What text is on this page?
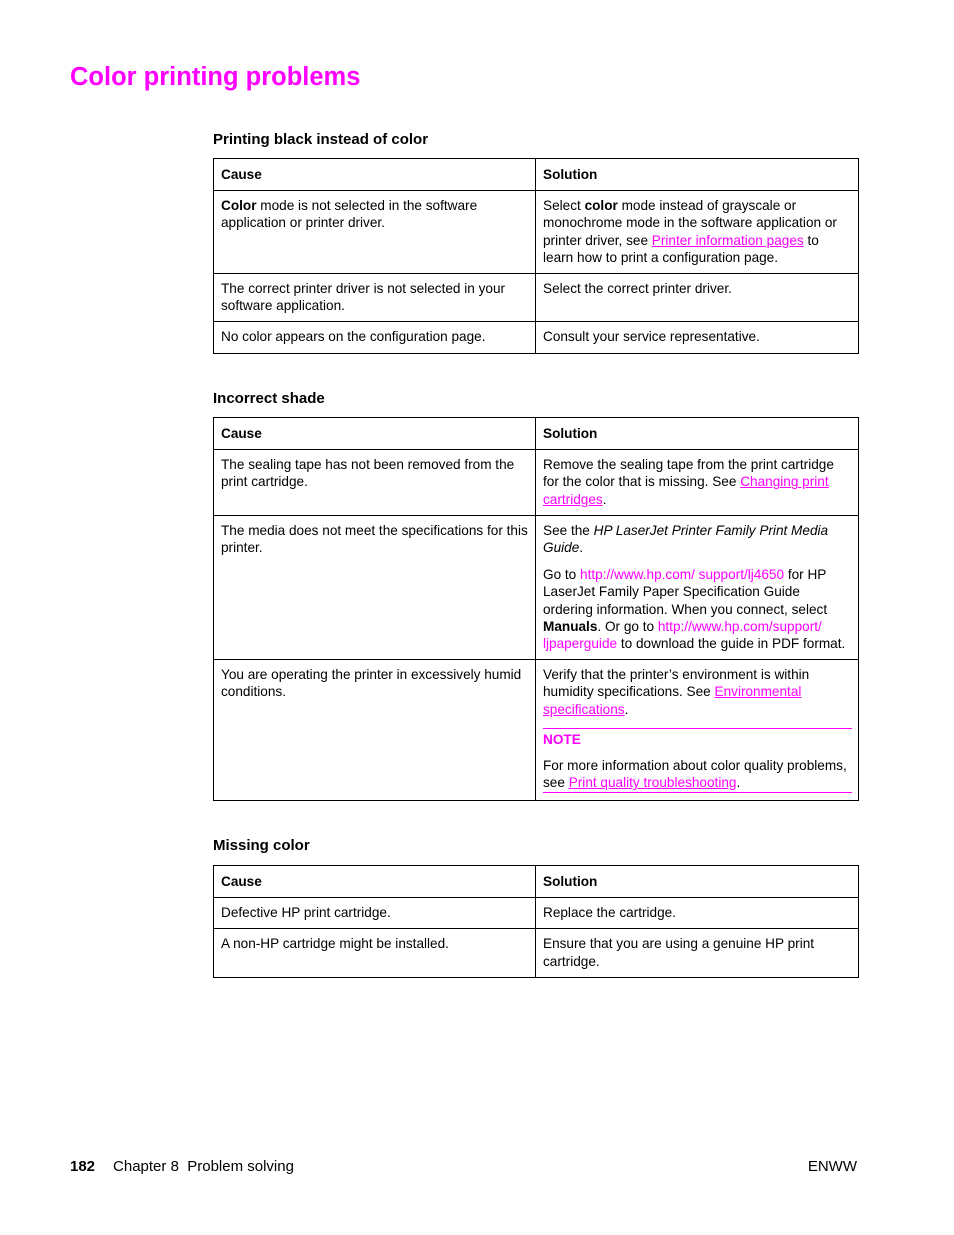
Color printing problems
Printing black instead of color
Cause	Solution
Color mode is not selected in the software application or printer driver.	Select color mode instead of grayscale or monochrome mode in the software application or printer driver, see Printer information pages to learn how to print a configuration page.
The correct printer driver is not selected in your software application.	Select the correct printer driver.
No color appears on the configuration page.	Consult your service representative.
Incorrect shade
Cause	Solution
The sealing tape has not been removed from the print cartridge.	Remove the sealing tape from the print cartridge for the color that is missing. See Changing print cartridges.
The media does not meet the specifications for this printer.	See the HP LaserJet Printer Family Print Media Guide.

Go to http://www.hp.com/ support/lj4650 for HP LaserJet Family Paper Specification Guide ordering information. When you connect, select Manuals. Or go to http://www.hp.com/support/ ljpaperguide to download the guide in PDF format.

You are operating the printer in excessively humid conditions.	Verify that the printer’s environment is within humidity specifications. See Environmental specifications.

NOTE

For more information about color quality problems, see Print quality troubleshooting.

Missing color
Cause	Solution
Defective HP print cartridge.	Replace the cartridge.
A non-HP cartridge might be installed.	Ensure that you are using a genuine HP print cartridge.
182 Chapter 8  Problem solving	ENWW
